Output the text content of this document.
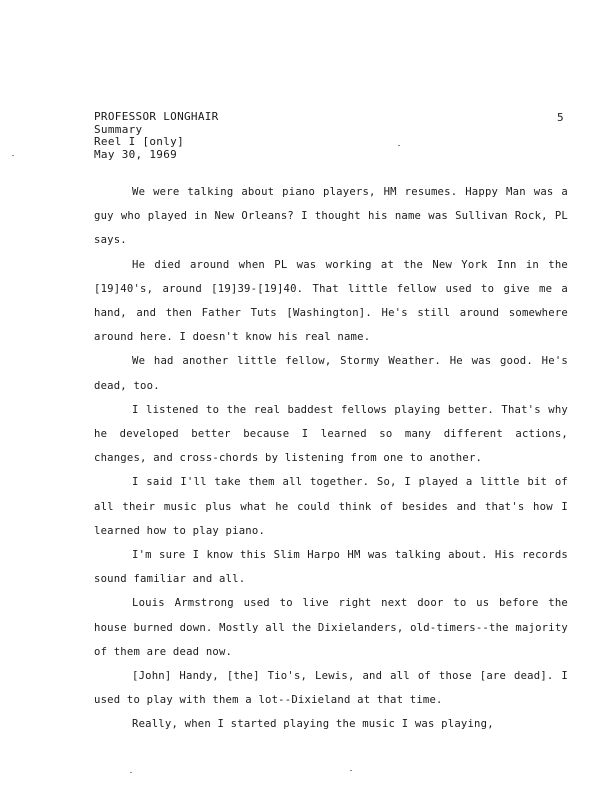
PROFESSOR LONGHAIR
Summary
Reel I [only]
May 30, 1969
5

We were talking about piano players, HM resumes. Happy Man was a guy who played in New Orleans? I thought his name was Sullivan Rock, PL says.

He died around when PL was working at the New York Inn in the [19]40's, around [19]39-[19]40. That little fellow used to give me a hand, and then Father Tuts [Washington]. He's still around somewhere around here. I doesn't know his real name.

We had another little fellow, Stormy Weather. He was good. He's dead, too.

I listened to the real baddest fellows playing better. That's why he developed better because I learned so many different actions, changes, and cross-chords by listening from one to another.

I said I'll take them all together. So, I played a little bit of all their music plus what he could think of besides and that's how I learned how to play piano.

I'm sure I know this Slim Harpo HM was talking about. His records sound familiar and all.

Louis Armstrong used to live right next door to us before the house burned down. Mostly all the Dixielanders, old-timers--the majority of them are dead now.

[John] Handy, [the] Tio's, Lewis, and all of those [are dead]. I used to play with them a lot--Dixieland at that time.

Really, when I started playing the music I was playing,
